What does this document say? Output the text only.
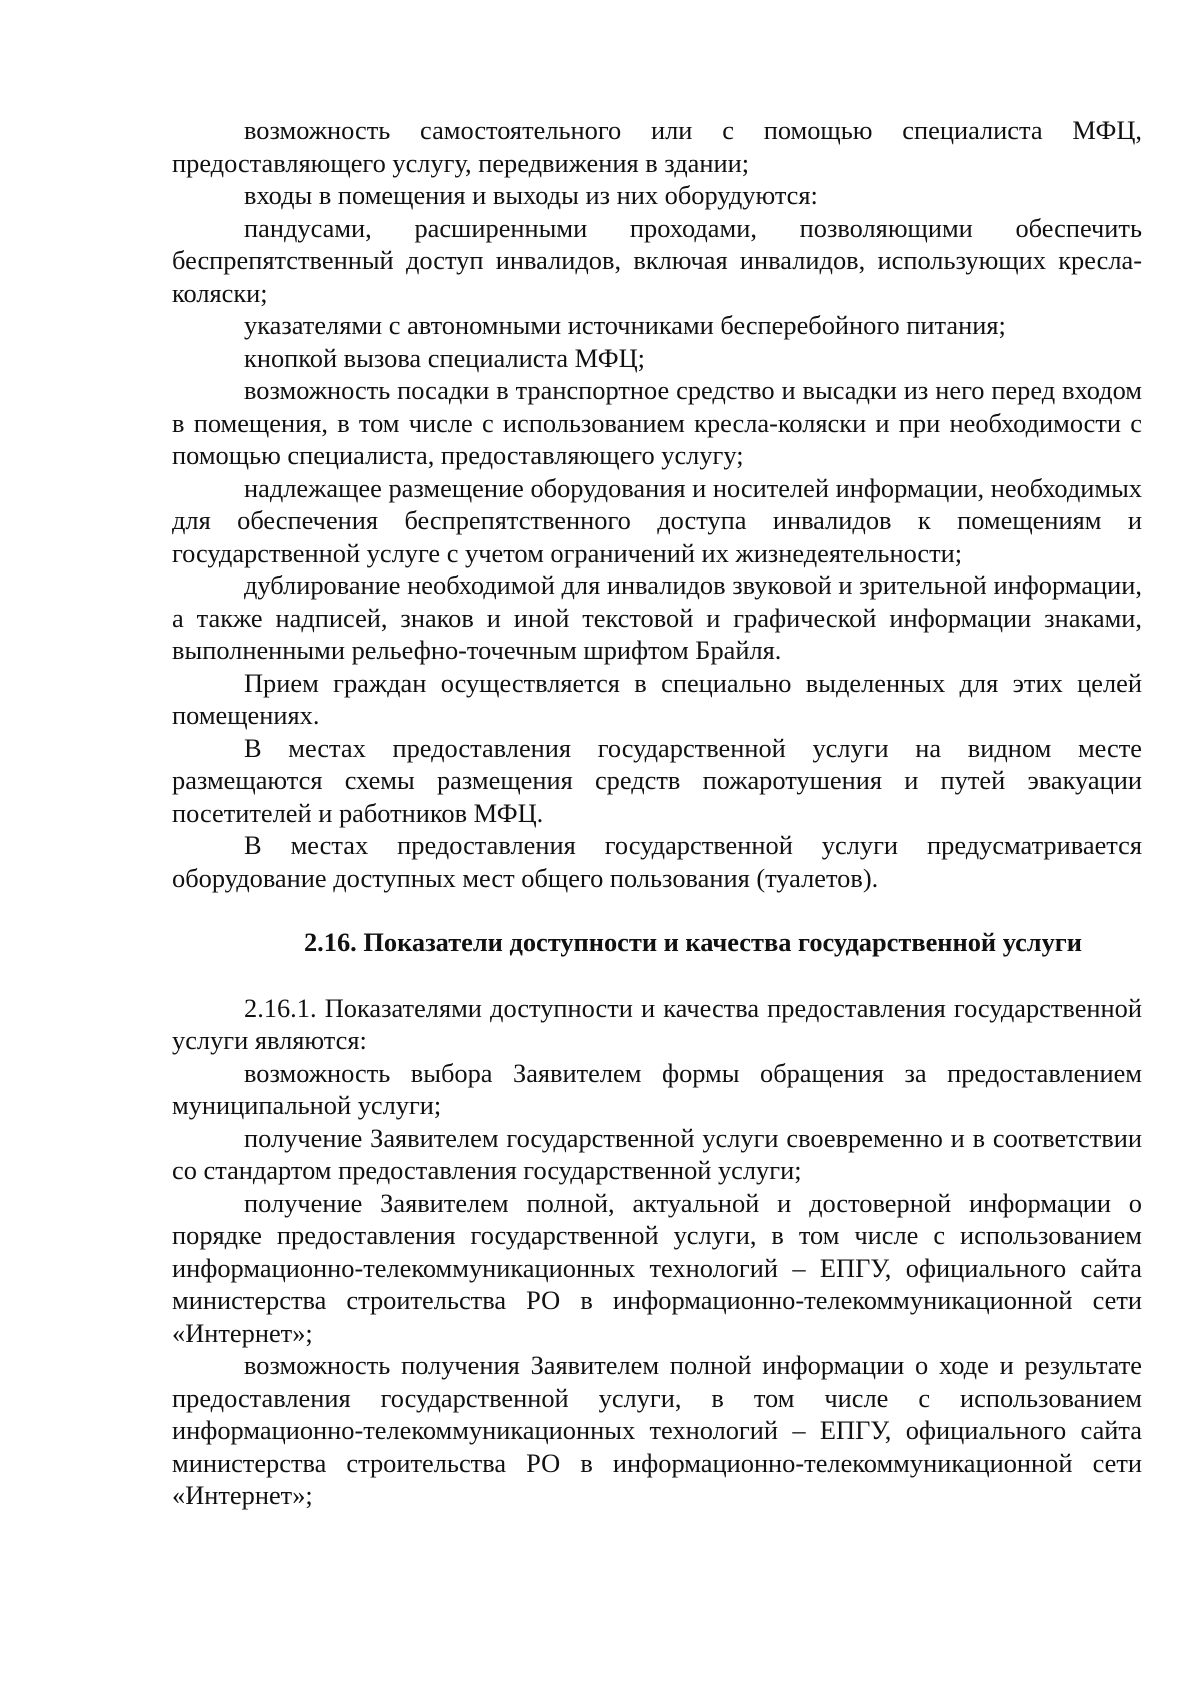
возможность самостоятельного или с помощью специалиста МФЦ, предоставляющего услугу, передвижения в здании;

входы в помещения и выходы из них оборудуются:

пандусами, расширенными проходами, позволяющими обеспечить беспрепятственный доступ инвалидов, включая инвалидов, использующих кресла-коляски;

указателями с автономными источниками бесперебойного питания;

кнопкой вызова специалиста МФЦ;

возможность посадки в транспортное средство и высадки из него перед входом в помещения, в том числе с использованием кресла-коляски и при необходимости с помощью специалиста, предоставляющего услугу;

надлежащее размещение оборудования и носителей информации, необходимых для обеспечения беспрепятственного доступа инвалидов к помещениям и государственной услуге с учетом ограничений их жизнедеятельности;

дублирование необходимой для инвалидов звуковой и зрительной информации, а также надписей, знаков и иной текстовой и графической информации знаками, выполненными рельефно-точечным шрифтом Брайля.

Прием граждан осуществляется в специально выделенных для этих целей помещениях.

В местах предоставления государственной услуги на видном месте размещаются схемы размещения средств пожаротушения и путей эвакуации посетителей и работников МФЦ.

В местах предоставления государственной услуги предусматривается оборудование доступных мест общего пользования (туалетов).

2.16. Показатели доступности и качества государственной услуги

2.16.1. Показателями доступности и качества предоставления государственной услуги являются:

возможность выбора Заявителем формы обращения за предоставлением муниципальной услуги;

получение Заявителем государственной услуги своевременно и в соответствии со стандартом предоставления государственной услуги;

получение Заявителем полной, актуальной и достоверной информации о порядке предоставления государственной услуги, в том числе с использованием информационно-телекоммуникационных технологий – ЕПГУ, официального сайта министерства строительства РО в информационно-телекоммуникационной сети «Интернет»;

возможность получения Заявителем полной информации о ходе и результате предоставления государственной услуги, в том числе с использованием информационно-телекоммуникационных технологий – ЕПГУ, официального сайта министерства строительства РО в информационно-телекоммуникационной сети «Интернет»;
